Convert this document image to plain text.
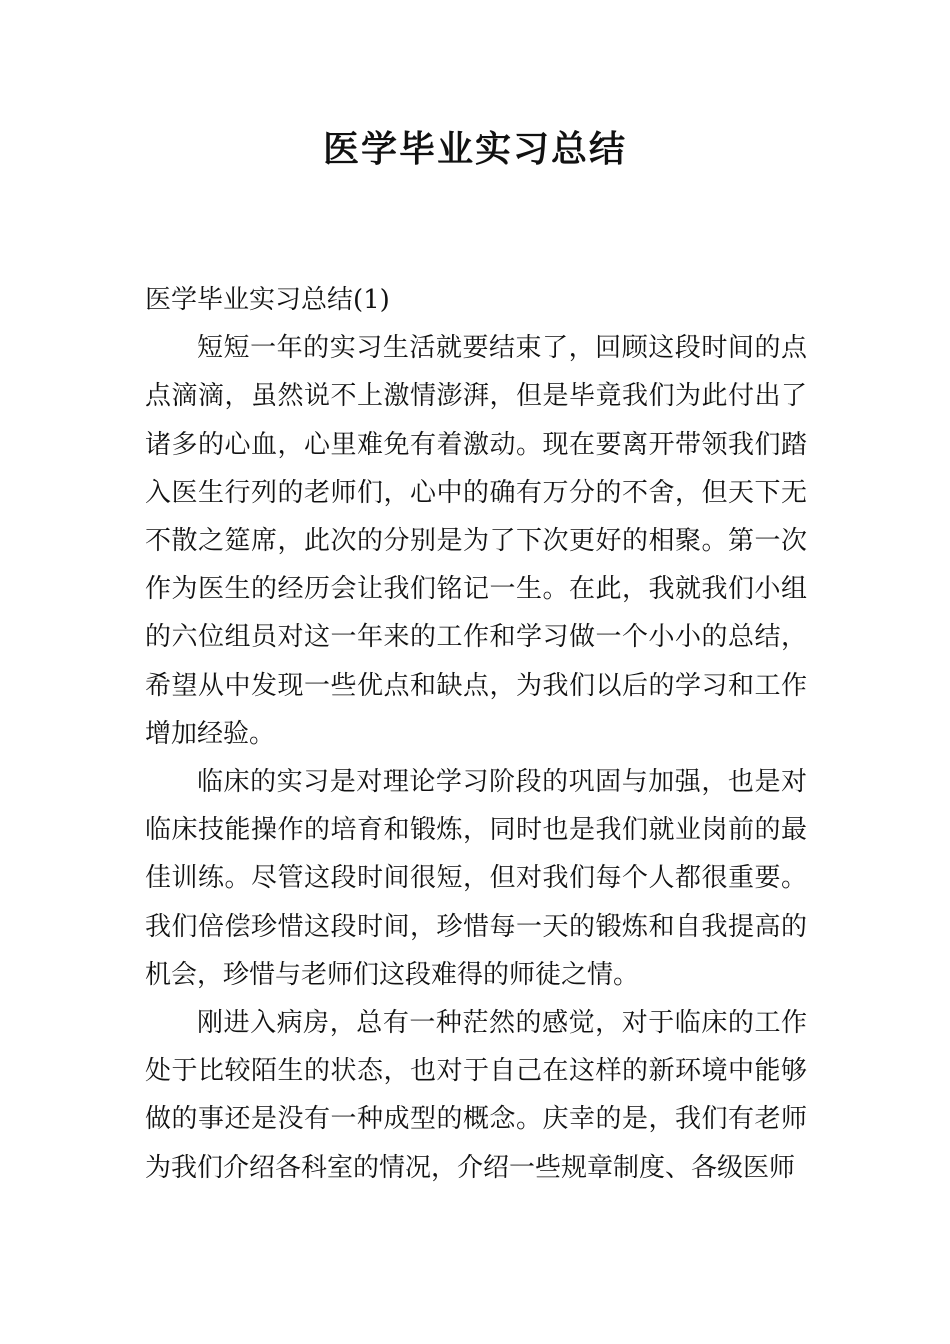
医学毕业实习总结

医学毕业实习总结(1)

短短一年的实习生活就要结束了，回顾这段时间的点点滴滴，虽然说不上激情澎湃，但是毕竟我们为此付出了诸多的心血，心里难免有着激动。现在要离开带领我们踏入医生行列的老师们，心中的确有万分的不舍，但天下无不散之筵席，此次的分别是为了下次更好的相聚。第一次作为医生的经历会让我们铭记一生。在此，我就我们小组的六位组员对这一年来的工作和学习做一个小小的总结，希望从中发现一些优点和缺点，为我们以后的学习和工作增加经验。

临床的实习是对理论学习阶段的巩固与加强，也是对临床技能操作的培育和锻炼，同时也是我们就业岗前的最佳训练。尽管这段时间很短，但对我们每个人都很重要。我们倍偿珍惜这段时间，珍惜每一天的锻炼和自我提高的机会，珍惜与老师们这段难得的师徒之情。

刚进入病房，总有一种茫然的感觉，对于临床的工作处于比较陌生的状态，也对于自己在这样的新环境中能够做的事还是没有一种成型的概念。庆幸的是，我们有老师为我们介绍各科室的情况，介绍一些规章制度、各级医师
